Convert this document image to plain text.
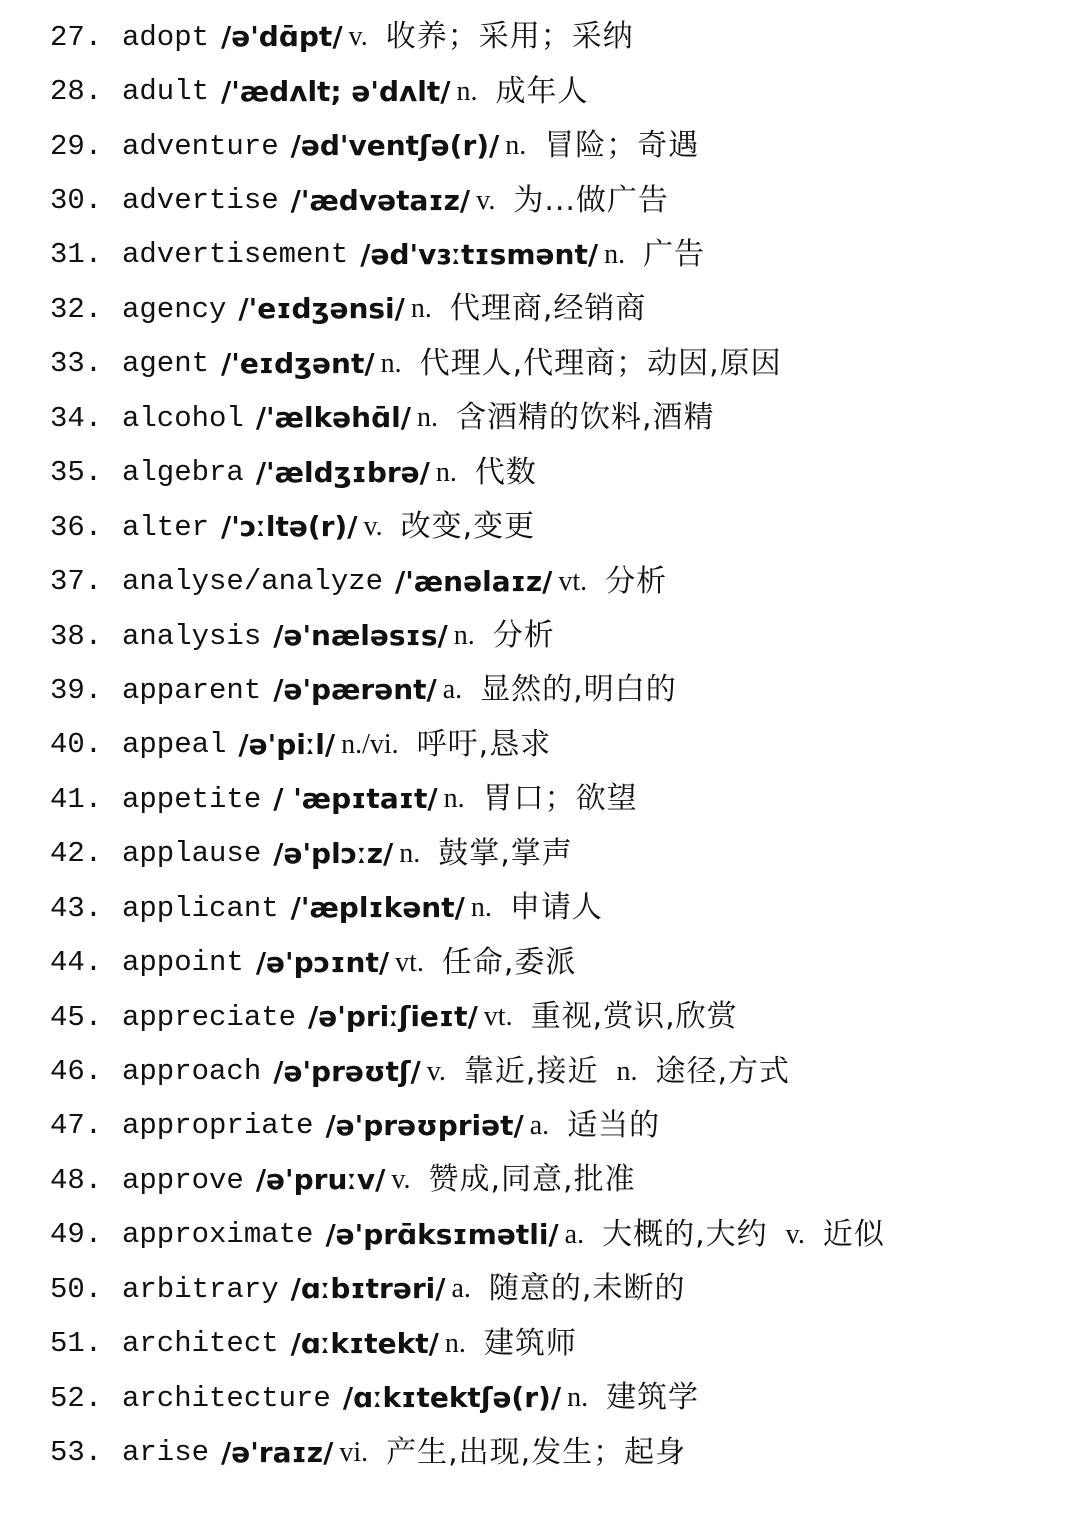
27. adopt /ə'dɑ̄pt/ v. 收养；采用；采纳
28. adult /'ædʌlt; ə'dʌlt/ n. 成年人
29. adventure /əd'ventʃə(r)/ n. 冒险；奇遇
30. advertise /'ædvətaɪz/ v. 为...做广告
31. advertisement /əd'vɜːtɪsmənt/ n. 广告
32. agency /'eɪdʒənsi/ n. 代理商,经销商
33. agent /'eɪdʒənt/ n. 代理人,代理商；动因,原因
34. alcohol /'ælkəhɑ̄l/ n. 含酒精的饮料,酒精
35. algebra /'ældʒɪbrə/ n. 代数
36. alter /'ɔːltə(r)/ v. 改变,变更
37. analyse/analyze /'ænəlaɪz/ vt. 分析
38. analysis /ə'næləsɪs/ n. 分析
39. apparent /ə'pærənt/ a. 显然的,明白的
40. appeal /ə'piːl/ n./vi. 呼吁,恳求
41. appetite / 'æpɪtaɪt/ n. 胃口；欲望
42. applause /ə'plɔːz/ n. 鼓掌,掌声
43. applicant /'æplɪkənt/ n. 申请人
44. appoint /ə'pɔɪnt/ vt. 任命,委派
45. appreciate /ə'priːʃieɪt/ vt. 重视,赏识,欣赏
46. approach /ə'prəʊtʃ/ v. 靠近,接近 n. 途径,方式
47. appropriate /ə'prəʊpriət/ a. 适当的
48. approve /ə'pruːv/ v. 赞成,同意,批准
49. approximate /ə'prɑ̄ksɪmətli/ a. 大概的,大约 v. 近似
50. arbitrary /ɑːbɪtrəri/ a. 随意的,未断的
51. architect /ɑːkɪtekt/ n. 建筑师
52. architecture /ɑːkɪtektʃə(r)/ n. 建筑学
53. arise /ə'raɪz/ vi. 产生,出现,发生；起身
